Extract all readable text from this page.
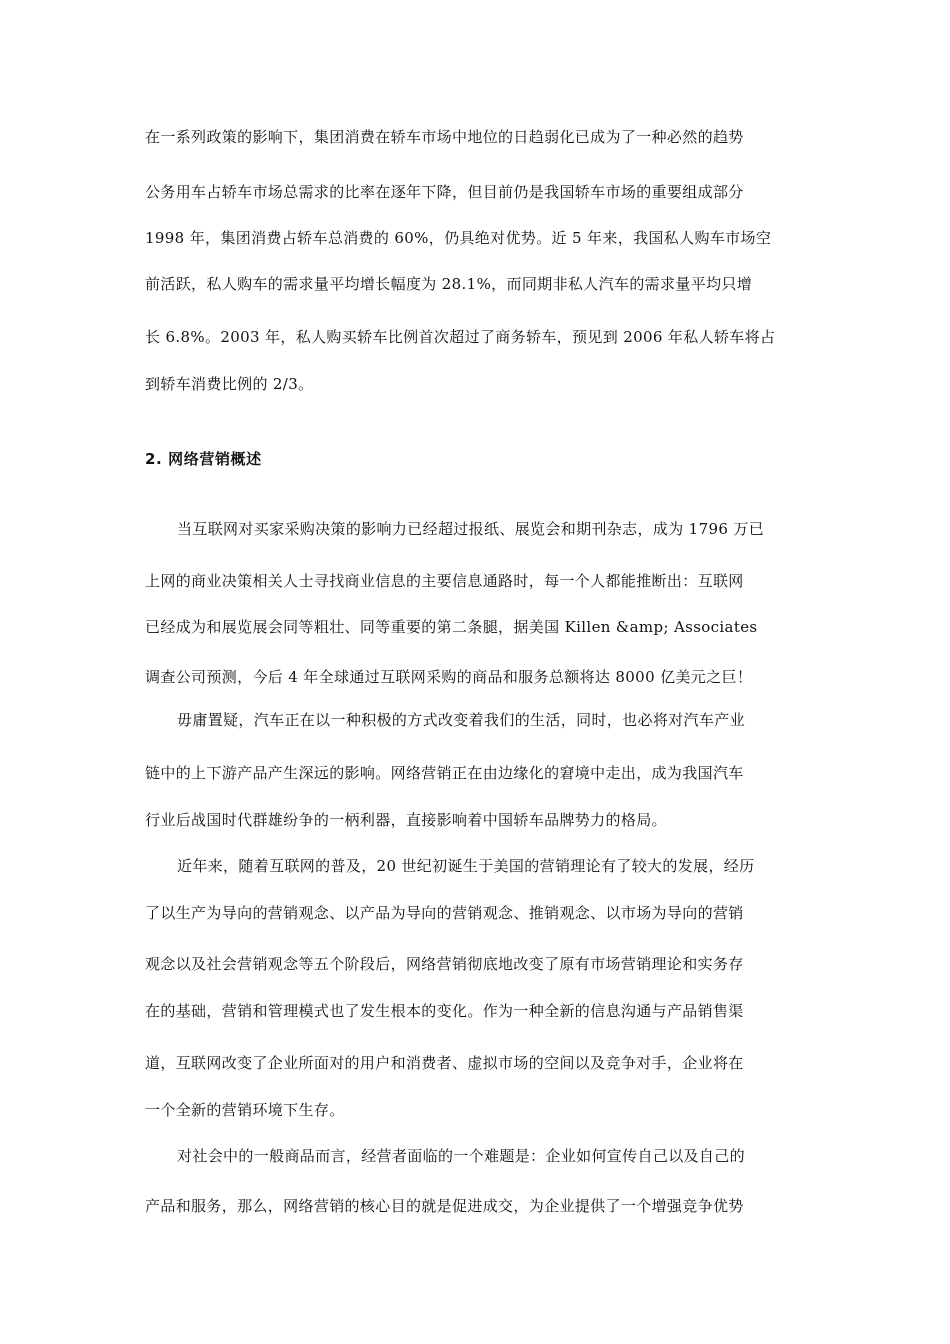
在一系列政策的影响下，集团消费在轿车市场中地位的日趋弱化已成为了一种必然的趋势
公务用车占轿车市场总需求的比率在逐年下降，但目前仍是我国轿车市场的重要组成部分
1998 年，集团消费占轿车总消费的 60%，仍具绝对优势。近 5 年来，我国私人购车市场空
前活跃，私人购车的需求量平均增长幅度为 28.1%，而同期非私人汽车的需求量平均只增
长 6.8%。2003 年，私人购买轿车比例首次超过了商务轿车，预见到 2006 年私人轿车将占
到轿车消费比例的 2/3。
2. 网络营销概述
当互联网对买家采购决策的影响力已经超过报纸、展览会和期刊杂志，成为 1796 万已
上网的商业决策相关人士寻找商业信息的主要信息通路时，每一个人都能推断出：互联网
已经成为和展览展会同等粗壮、同等重要的第二条腿，据美国 Killen &amp; Associates
调查公司预测，今后 4 年全球通过互联网采购的商品和服务总额将达 8000 亿美元之巨！
毋庸置疑，汽车正在以一种积极的方式改变着我们的生活，同时，也必将对汽车产业
链中的上下游产品产生深远的影响。网络营销正在由边缘化的窘境中走出，成为我国汽车
行业后战国时代群雄纷争的一柄利器，直接影响着中国轿车品牌势力的格局。
近年来，随着互联网的普及，20 世纪初诞生于美国的营销理论有了较大的发展，经历
了以生产为导向的营销观念、以产品为导向的营销观念、推销观念、以市场为导向的营销
观念以及社会营销观念等五个阶段后，网络营销彻底地改变了原有市场营销理论和实务存
在的基础，营销和管理模式也了发生根本的变化。作为一种全新的信息沟通与产品销售渠
道，互联网改变了企业所面对的用户和消费者、虚拟市场的空间以及竞争对手，企业将在
一个全新的营销环境下生存。
对社会中的一般商品而言，经营者面临的一个难题是：企业如何宣传自己以及自己的
产品和服务，那么，网络营销的核心目的就是促进成交，为企业提供了一个增强竞争优势
